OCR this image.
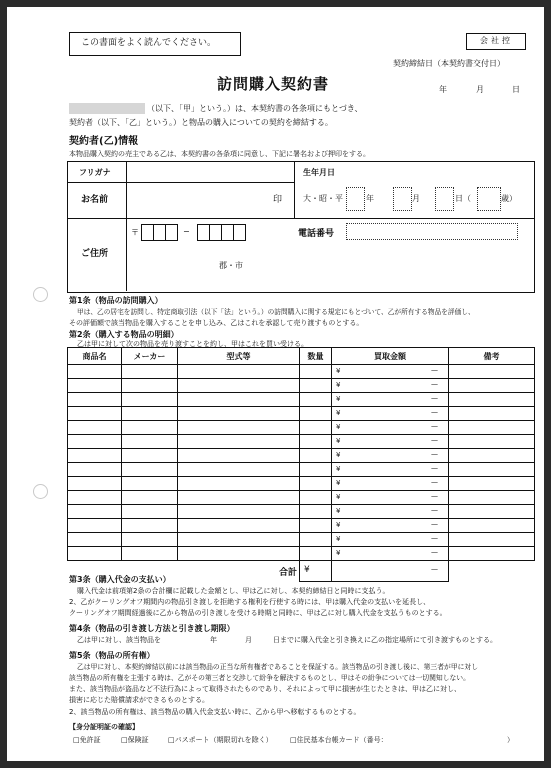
この書面をよく読んでください。	会社控
契約締結日（本契約書交付日）
訪問購入契約書	年	月	日
（以下、「甲」という。）は、本契約書の各条項にもとづき、
契約者（以下、「乙」という。）と物品の購入についての契約を締結する。
契約者(乙)情報
本物品購入契約の売主である乙は、本契約書の各条項に同意し、下記に署名および押印をする。
フリガナ
お名前	印
生年月日
大・昭・平	年	月	日（	歳）
ご住所
〒	−
郡・市
電話番号
第1条（物品の訪問購入）
甲は、乙の居宅を訪問し、特定商取引法（以下「法」という。）の訪問購入に関する規定にもとづいて、乙が所有する物品を評価し、
その評価額で該当物品を購入することを申し込み、乙はこれを承認して売り渡すものとする。
第2条（購入する物品の明細）
乙は甲に対して次の物品を売り渡すことを約し、甲はこれを買い受ける。
商品名	メーカー	型式等	数量	買取金額	備考

				¥ —	

				¥ —	

				¥ —	

				¥ —	

				¥ —	

				¥ —	

				¥ —	

				¥ —	

				¥ —	

				¥ —	

				¥ —	

				¥ —	

				¥ —	

				¥ —	

合計			¥	—	

第3条（購入代金の支払い）
購入代金は前項第2条の合計欄に記載した金額とし、甲は乙に対し、本契約締結日と同時に支払う。
2、乙がクーリングオフ期間内の物品引き渡しを拒絶する権利を行使する時には、甲は購入代金の支払いを延長し、
クーリングオフ期間経過後に乙から物品の引き渡しを受ける時期と同時に、甲は乙に対し購入代金を支払うものとする。
第4条（物品の引き渡し方法と引き渡し期限）
乙は甲に対し、該当物品を	年	月	日までに購入代金と引き換えに乙の指定場所にて引き渡すものとする。
第5条（物品の所有権）
乙は甲に対し、本契約締結以前には該当物品の正当な所有権者であることを保証する。該当物品の引き渡し後に、第三者が甲に対し
該当物品の所有権を主張する時は、乙がその第三者と交渉して紛争を解決するものとし、甲はその紛争については一切関知しない。
また、該当物品が盗品など不法行為によって取得されたものであり、それによって甲に損害が生じたときは、甲は乙に対し、
損害に応じた賠償請求ができるものとする。
2、該当物品の所有権は、該当物品の購入代金支払い時に、乙から甲へ移転するものとする。
【身分証明証の確認】
□免許証	□保険証	□パスポート（期限切れを除く） □住民基本台帳カード（番号：	）
